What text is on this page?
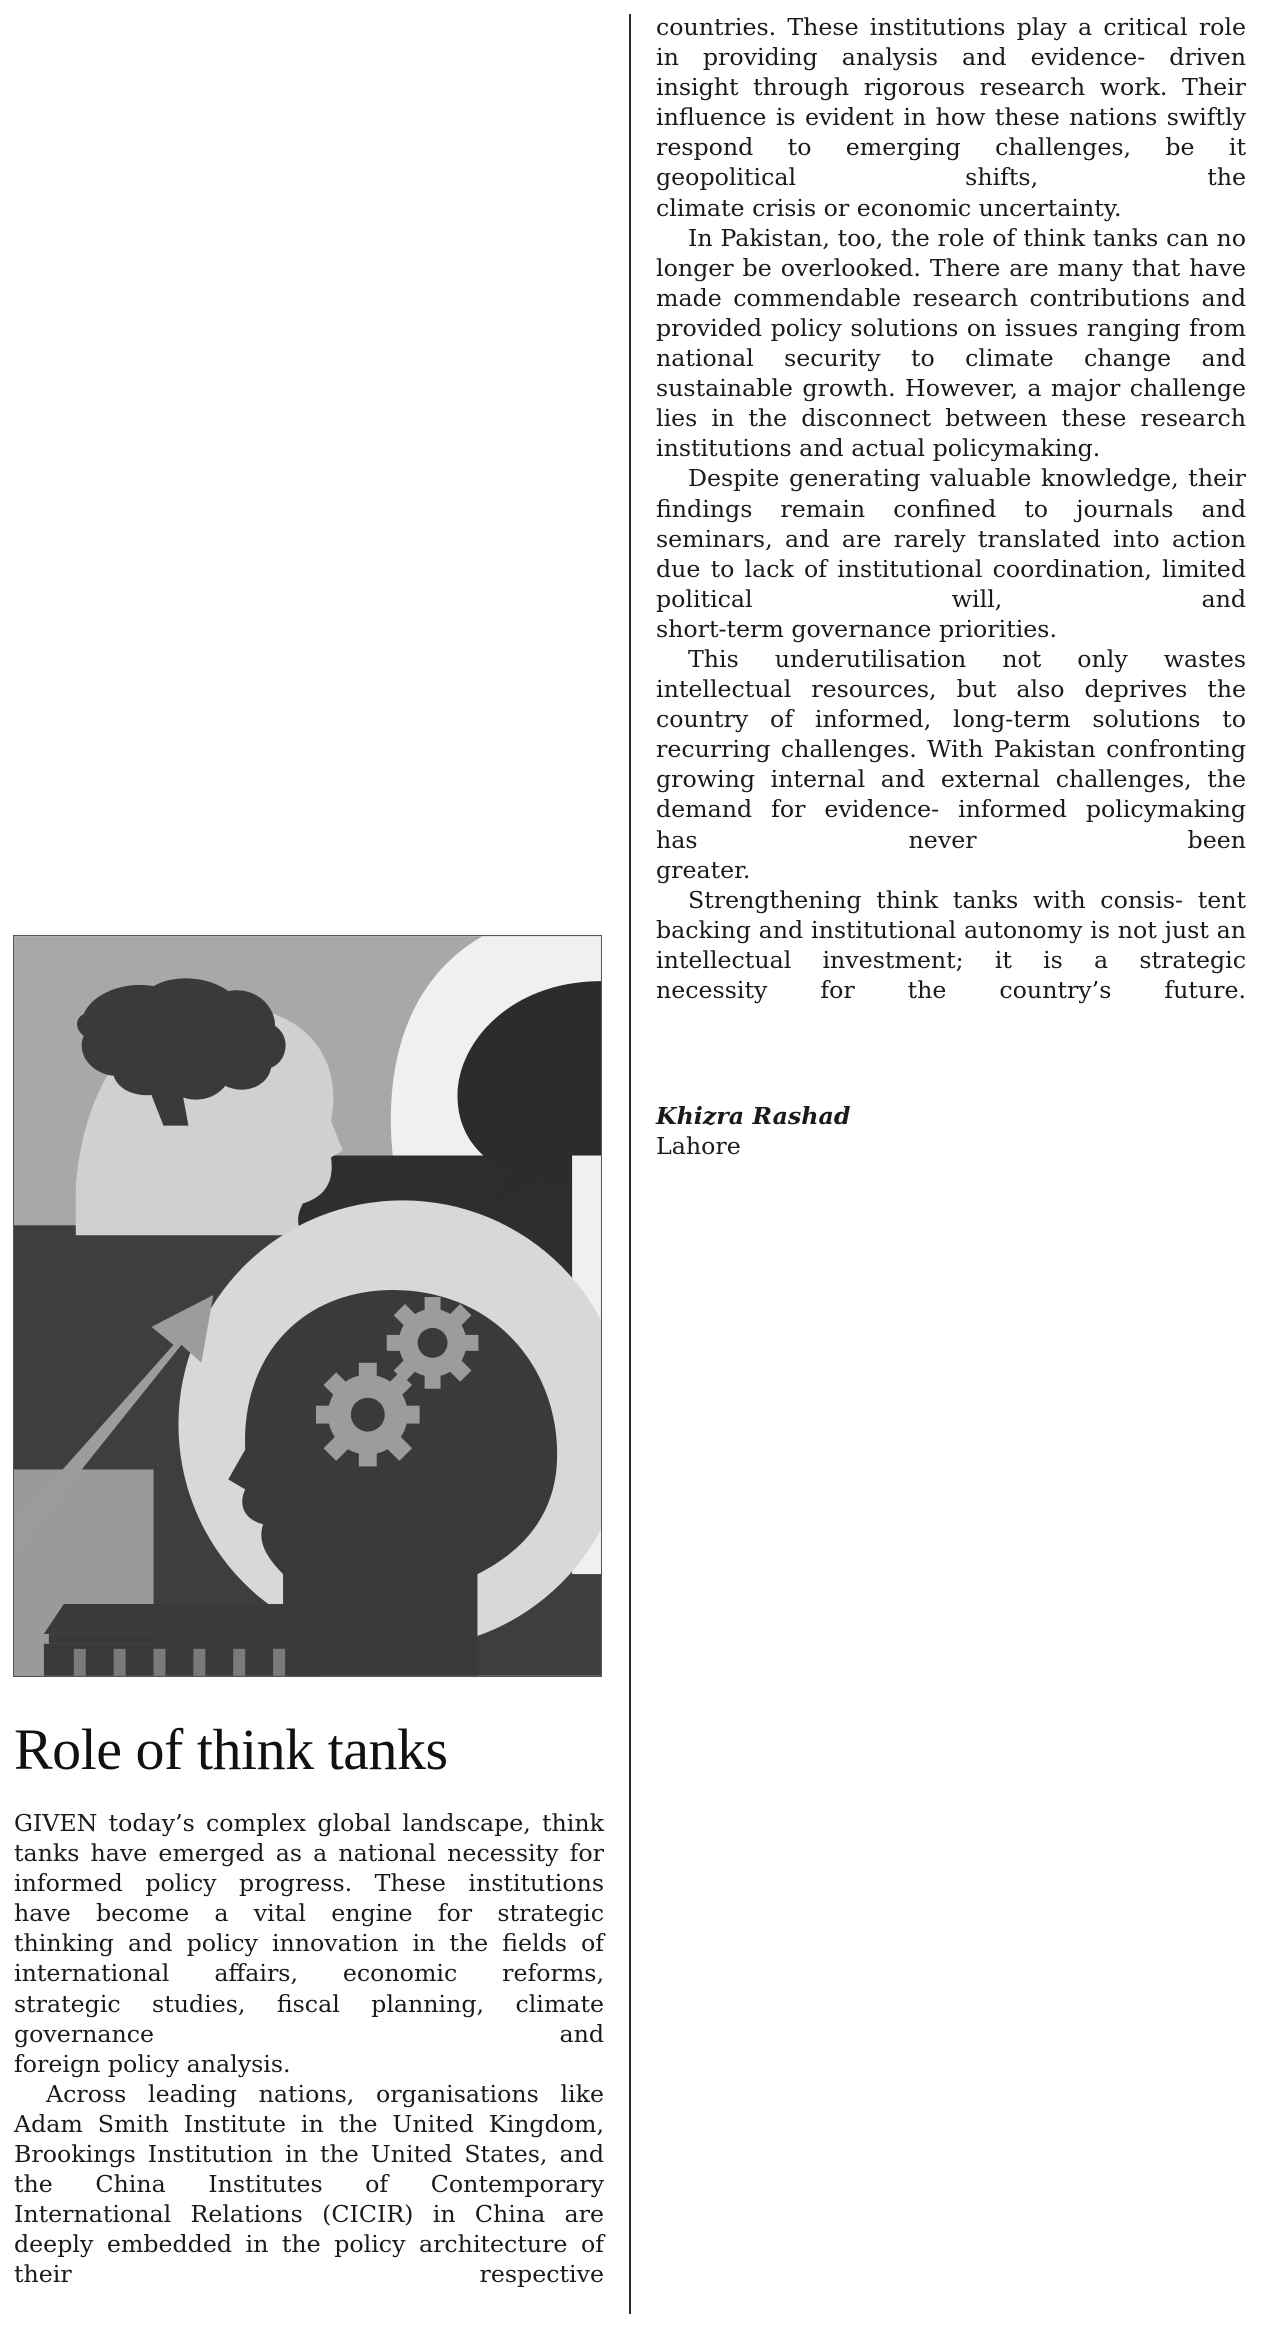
Role of think tanks

GIVEN today’s complex global landscape, think tanks have emerged as a national necessity for informed policy progress. These institutions have become a vital engine for strategic thinking and policy innovation in the fields of international affairs, economic reforms, strategic studies, fiscal planning, climate governance and

foreign policy analysis.

Across leading nations, organisations like Adam Smith Institute in the United Kingdom, Brookings Institution in the United States, and the China Institutes of Contemporary International Relations (CICIR) in China are deeply embedded in the policy architecture of their respective

countries. These institutions play a critical role in providing analysis and evidence- driven insight through rigorous research work. Their influence is evident in how these nations swiftly respond to emerging challenges, be it geopolitical shifts, the

climate crisis or economic uncertainty.

In Pakistan, too, the role of think tanks can no longer be overlooked. There are many that have made commendable research contributions and provided policy solutions on issues ranging from national security to climate change and sustainable growth. However, a major challenge lies in the disconnect between these research

institutions and actual policymaking.

Despite generating valuable knowledge, their findings remain confined to journals and seminars, and are rarely translated into action due to lack of institutional coordination, limited political will, and

short-term governance priorities.

This underutilisation not only wastes intellectual resources, but also deprives the country of informed, long-term solutions to recurring challenges. With Pakistan confronting growing internal and external challenges, the demand for evidence- informed policymaking has never been

greater.

Strengthening think tanks with consis- tent backing and institutional autonomy is not just an intellectual investment; it is a strategic necessity for the country’s future.

Khizra Rashad
Lahore
